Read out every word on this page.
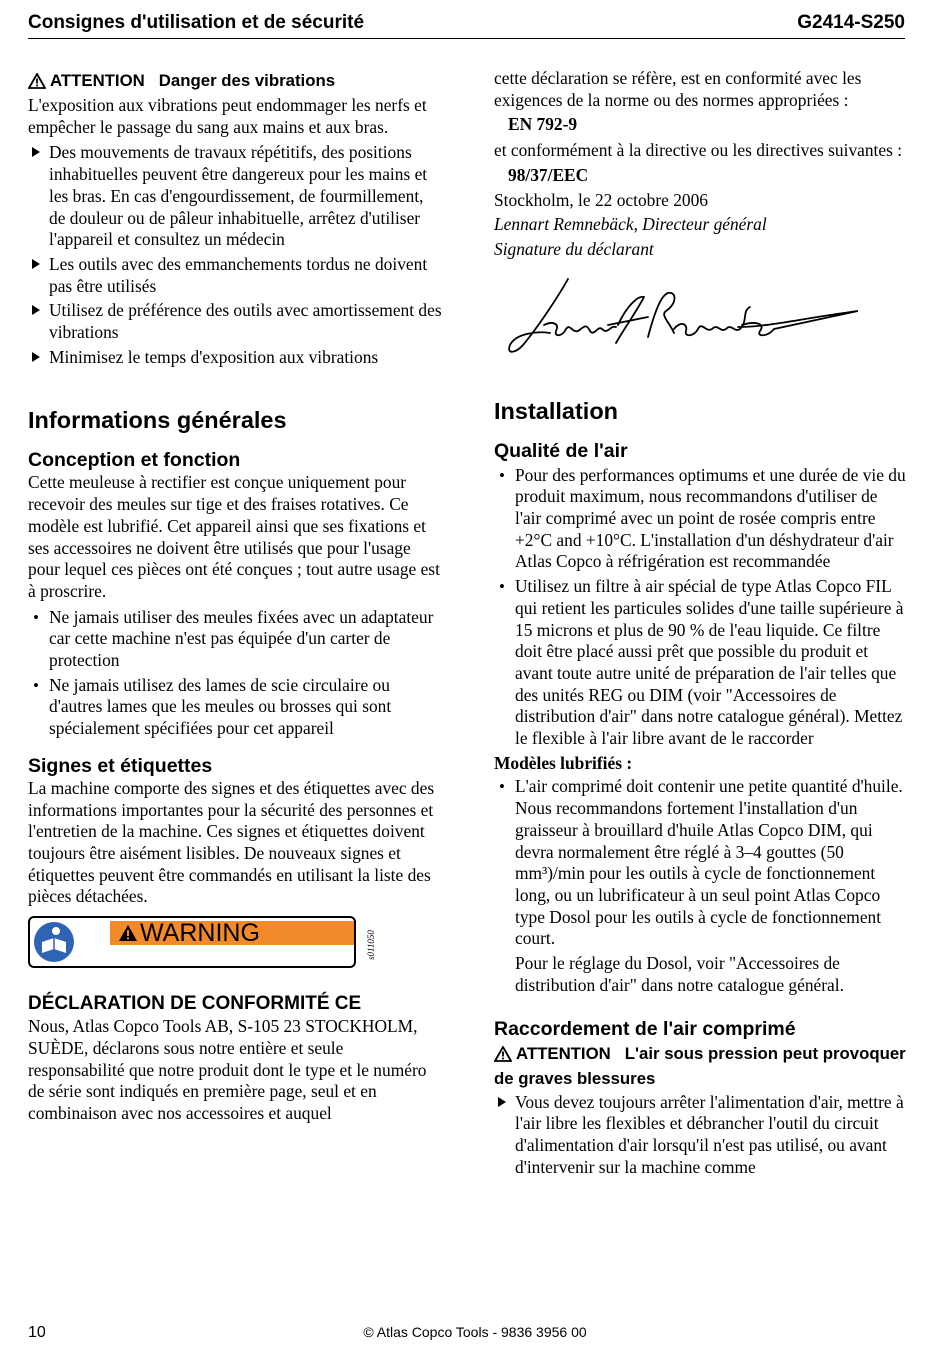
Consignes d'utilisation et de sécurité	G2414-S250

ATTENTION Danger des vibrations

L'exposition aux vibrations peut endommager les nerfs et empêcher le passage du sang aux mains et aux bras.

Des mouvements de travaux répétitifs, des positions inhabituelles peuvent être dangereux pour les mains et les bras. En cas d'engourdissement, de fourmillement, de douleur ou de pâleur inhabituelle, arrêtez d'utiliser l'appareil et consultez un médecin
Les outils avec des emmanchements tordus ne doivent pas être utilisés
Utilisez de préférence des outils avec amortissement des vibrations
Minimisez le temps d'exposition aux vibrations
Informations générales
Conception et fonction

Cette meuleuse à rectifier est conçue uniquement pour recevoir des meules sur tige et des fraises rotatives. Ce modèle est lubrifié. Cet appareil ainsi que ses fixations et ses accessoires ne doivent être utilisés que pour l'usage pour lequel ces pièces ont été conçues ; tout autre usage est à proscrire.

• Ne jamais utiliser des meules fixées avec un adaptateur car cette machine n'est pas équipée d'un carter de protection
• Ne jamais utilisez des lames de scie circulaire ou d'autres lames que les meules ou brosses qui sont spécialement spécifiées pour cet appareil
Signes et étiquettes

La machine comporte des signes et des étiquettes avec des informations importantes pour la sécurité des personnes et l'entretien de la machine. Ces signes et étiquettes doivent toujours être aisément lisibles. De nouveaux signes et étiquettes peuvent être commandés en utilisant la liste des pièces détachées.

WARNING	s011050
DÉCLARATION DE CONFORMITÉ CE

Nous, Atlas Copco Tools AB, S-105 23 STOCKHOLM, SUÈDE, déclarons sous notre entière et seule responsabilité que notre produit dont le type et le numéro de série sont indiqués en première page, seul et en combinaison avec nos accessoires et auquel

cette déclaration se réfère, est en conformité avec les exigences de la norme ou des normes appropriées :

EN 792-9

et conformément à la directive ou les directives suivantes :

98/37/EEC

Stockholm, le 22 octobre 2006

Lennart Remnebäck, Directeur général

Signature du déclarant

Installation
Qualité de l'air
• Pour des performances optimums et une durée de vie du produit maximum, nous recommandons d'utiliser de l'air comprimé avec un point de rosée compris entre +2°C and +10°C. L'installation d'un déshydrateur d'air Atlas Copco à réfrigération est recommandée
• Utilisez un filtre à air spécial de type Atlas Copco FIL qui retient les particules solides d'une taille supérieure à 15 microns et plus de 90 % de l'eau liquide. Ce filtre doit être placé aussi prêt que possible du produit et avant toute autre unité de préparation de l'air telles que des unités REG ou DIM (voir "Accessoires de distribution d'air" dans notre catalogue général). Mettez le flexible à l'air libre avant de le raccorder

Modèles lubrifiés :

• L'air comprimé doit contenir une petite quantité d'huile. Nous recommandons fortement l'installation d'un graisseur à brouillard d'huile Atlas Copco DIM, qui devra normalement être réglé à 3–4 gouttes (50 mm³)/min pour les outils à cycle de fonctionnement long, ou un lubrificateur à un seul point Atlas Copco type Dosol pour les outils à cycle de fonctionnement court.

Pour le réglage du Dosol, voir "Accessoires de distribution d'air" dans notre catalogue général.

Raccordement de l'air comprimé

ATTENTION L'air sous pression peut provoquer de graves blessures

Vous devez toujours arrêter l'alimentation d'air, mettre à l'air libre les flexibles et débrancher l'outil du circuit d'alimentation d'air lorsqu'il n'est pas utilisé, ou avant d'intervenir sur la machine comme
10	© Atlas Copco Tools - 9836 3956 00
